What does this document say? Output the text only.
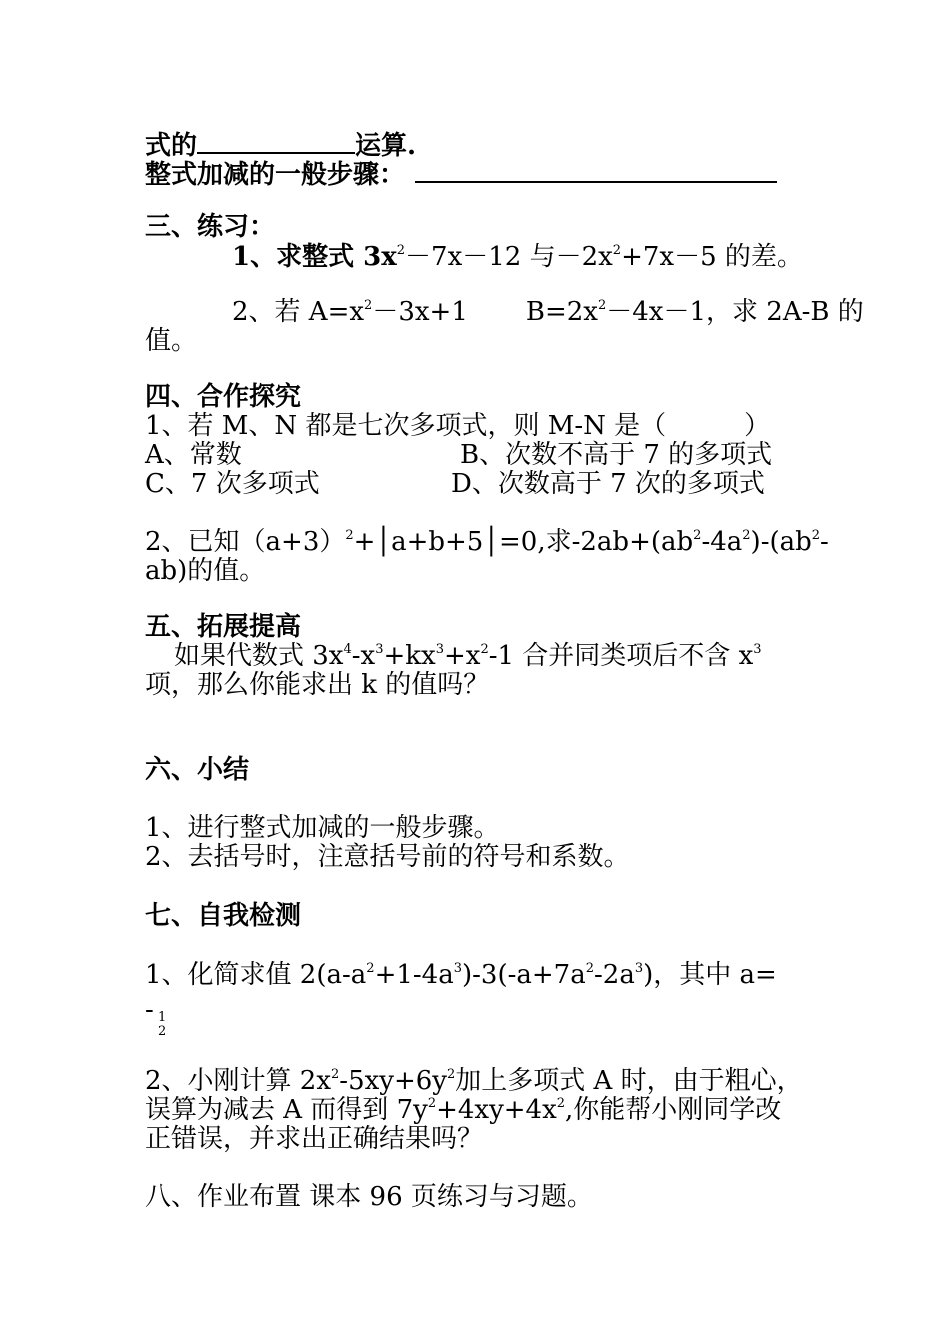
式的	运算.
整式加减的一般步骤：
三、练习：
1、求整式 $3x^2-7x-12$ 与$-2x^2+7x-5$ 的差。
2、若 $A=x^2-3x+1$ $B=2x^2-4x-1$，求 2A-B 的
值。
四、合作探究
1、若 M、N 都是七次多项式，则 M-N 是（　　　）
A、常数	B、次数不高于 7 的多项式
C、7 次多项式	D、次数高于 7 次的多项式
2、已知$(a+3)^2+│a+b+5│=0$,求$-2ab+(ab^2-4a^2)-(ab^2-$
ab)的值。
五、拓展提高
如果代数式 $3x^4-x^3+kx^3+x^2-1$ 合并同类项后不含 $x^3$
项，那么你能求出 k 的值吗？
六、小结
1、进行整式加减的一般步骤。
2、去括号时，注意括号前的符号和系数。
七、自我检测
1、化简求值 $2(a-a^2+1-4a^3)-3(-a+7a^2-2a^3)$，其中 a=
- 1
2
2、小刚计算 $2x^2-5xy+6y^2$加上多项式 A 时，由于粗心，
误算为减去 A 而得到 $7y^2+4xy+4x^2$,你能帮小刚同学改
正错误，并求出正确结果吗？
八、作业布置 课本 96 页练习与习题。
